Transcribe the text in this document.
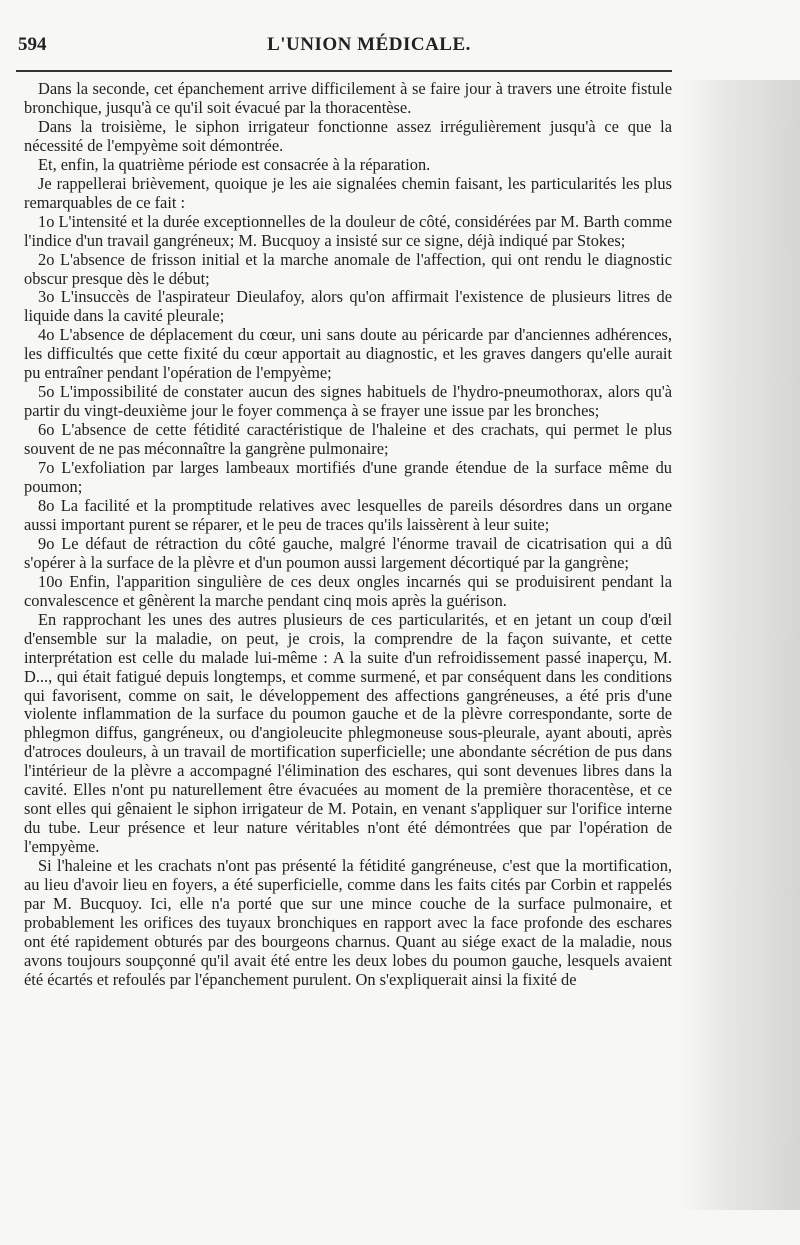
594	L'UNION MÉDICALE.

Dans la seconde, cet épanchement arrive difficilement à se faire jour à travers une étroite fistule bronchique, jusqu'à ce qu'il soit évacué par la thoracentèse.

Dans la troisième, le siphon irrigateur fonctionne assez irrégulièrement jusqu'à ce que la nécessité de l'empyème soit démontrée.

Et, enfin, la quatrième période est consacrée à la réparation.

Je rappellerai brièvement, quoique je les aie signalées chemin faisant, les particularités les plus remarquables de ce fait :

1o L'intensité et la durée exceptionnelles de la douleur de côté, considérées par M. Barth comme l'indice d'un travail gangréneux; M. Bucquoy a insisté sur ce signe, déjà indiqué par Stokes;

2o L'absence de frisson initial et la marche anomale de l'affection, qui ont rendu le diagnostic obscur presque dès le début;

3o L'insuccès de l'aspirateur Dieulafoy, alors qu'on affirmait l'existence de plusieurs litres de liquide dans la cavité pleurale;

4o L'absence de déplacement du cœur, uni sans doute au péricarde par d'anciennes adhérences, les difficultés que cette fixité du cœur apportait au diagnostic, et les graves dangers qu'elle aurait pu entraîner pendant l'opération de l'empyème;

5o L'impossibilité de constater aucun des signes habituels de l'hydro-pneumothorax, alors qu'à partir du vingt-deuxième jour le foyer commença à se frayer une issue par les bronches;

6o L'absence de cette fétidité caractéristique de l'haleine et des crachats, qui permet le plus souvent de ne pas méconnaître la gangrène pulmonaire;

7o L'exfoliation par larges lambeaux mortifiés d'une grande étendue de la surface même du poumon;

8o La facilité et la promptitude relatives avec lesquelles de pareils désordres dans un organe aussi important purent se réparer, et le peu de traces qu'ils laissèrent à leur suite;

9o Le défaut de rétraction du côté gauche, malgré l'énorme travail de cicatrisation qui a dû s'opérer à la surface de la plèvre et d'un poumon aussi largement décortiqué par la gangrène;

10o Enfin, l'apparition singulière de ces deux ongles incarnés qui se produisirent pendant la convalescence et gênèrent la marche pendant cinq mois après la guérison.

En rapprochant les unes des autres plusieurs de ces particularités, et en jetant un coup d'œil d'ensemble sur la maladie, on peut, je crois, la comprendre de la façon suivante, et cette interprétation est celle du malade lui-même : A la suite d'un refroidissement passé inaperçu, M. D..., qui était fatigué depuis longtemps, et comme surmené, et par conséquent dans les conditions qui favorisent, comme on sait, le développement des affections gangréneuses, a été pris d'une violente inflammation de la surface du poumon gauche et de la plèvre correspondante, sorte de phlegmon diffus, gangréneux, ou d'angioleucite phlegmoneuse sous-pleurale, ayant abouti, après d'atroces douleurs, à un travail de mortification superficielle; une abondante sécrétion de pus dans l'intérieur de la plèvre a accompagné l'élimination des eschares, qui sont devenues libres dans la cavité. Elles n'ont pu naturellement être évacuées au moment de la première thoracentèse, et ce sont elles qui gênaient le siphon irrigateur de M. Potain, en venant s'appliquer sur l'orifice interne du tube. Leur présence et leur nature véritables n'ont été démontrées que par l'opération de l'empyème.

Si l'haleine et les crachats n'ont pas présenté la fétidité gangréneuse, c'est que la mortification, au lieu d'avoir lieu en foyers, a été superficielle, comme dans les faits cités par Corbin et rappelés par M. Bucquoy. Ici, elle n'a porté que sur une mince couche de la surface pulmonaire, et probablement les orifices des tuyaux bronchiques en rapport avec la face profonde des eschares ont été rapidement obturés par des bourgeons charnus. Quant au siége exact de la maladie, nous avons toujours soupçonné qu'il avait été entre les deux lobes du poumon gauche, lesquels avaient été écartés et refoulés par l'épanchement purulent. On s'expliquerait ainsi la fixité de
